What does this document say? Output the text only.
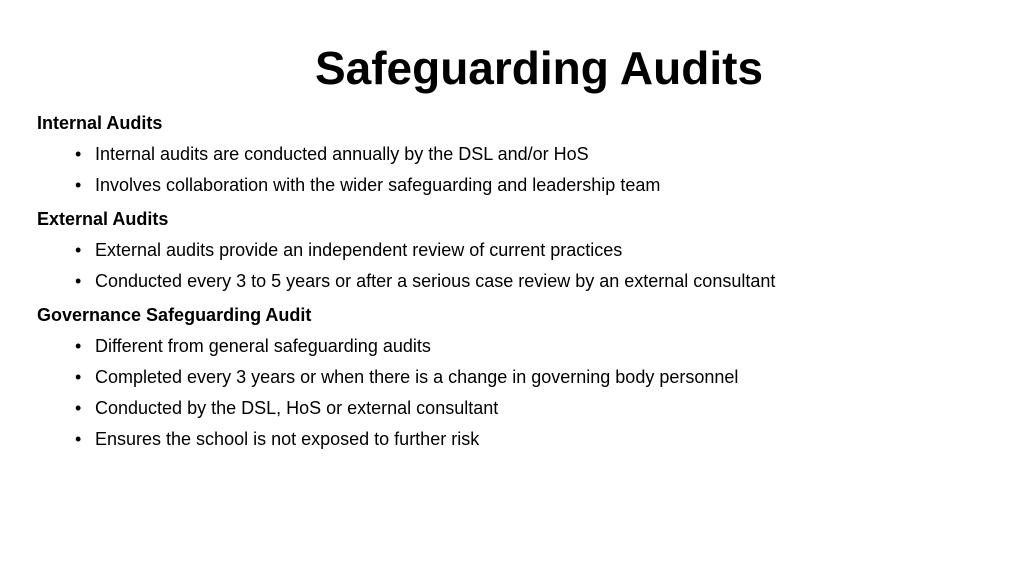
Safeguarding Audits
Internal Audits
• Internal audits are conducted annually by the DSL and/or HoS
• Involves collaboration with the wider safeguarding and leadership team
External Audits
• External audits provide an independent review of current practices
• Conducted every 3 to 5 years or after a serious case review by an external consultant
Governance Safeguarding Audit
• Different from general safeguarding audits
• Completed every 3 years or when there is a change in governing body personnel
• Conducted by the DSL, HoS or external consultant
• Ensures the school is not exposed to further risk
